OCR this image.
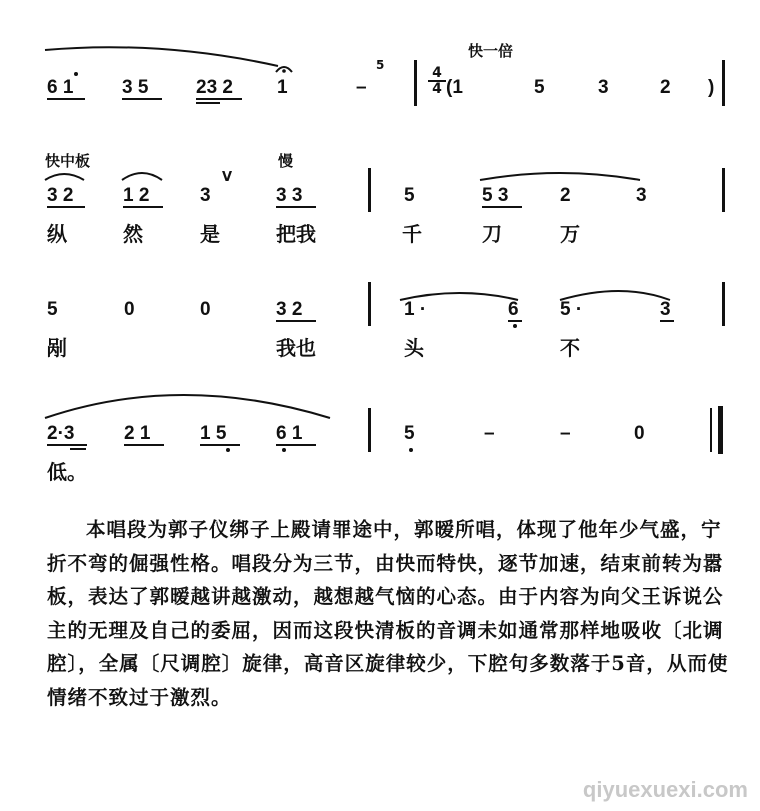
快一倍
6 1	3 5	23 2 1	–
5
$\frac{4}{4} (1$	5	3	2 )
快中板	慢
3 2	1 2	3
V
3 3	5	5 3	2	3
纵	然	是	把我	千	刀	万
5	0	0	3 2	1 ·	6 5 ·	3
剐	我也	头	不
2·3	2 1	1 5	6 1	5	–	–	0
低。

本唱段为郭子仪绑子上殿请罪途中，郭暧所唱，体现了他年少气盛，宁折不弯的倔强性格。唱段分为三节，由快而特快，逐节加速，结束前转为嚣板，表达了郭暧越讲越激动，越想越气恼的心态。由于内容为向父王诉说公主的无理及自己的委屈，因而这段快清板的音调未如通常那样地吸收〔北调腔〕，全属〔尺调腔〕旋律，高音区旋律较少，下腔句多数落于5音，从而使情绪不致过于激烈。

qiyuexuexi.com
